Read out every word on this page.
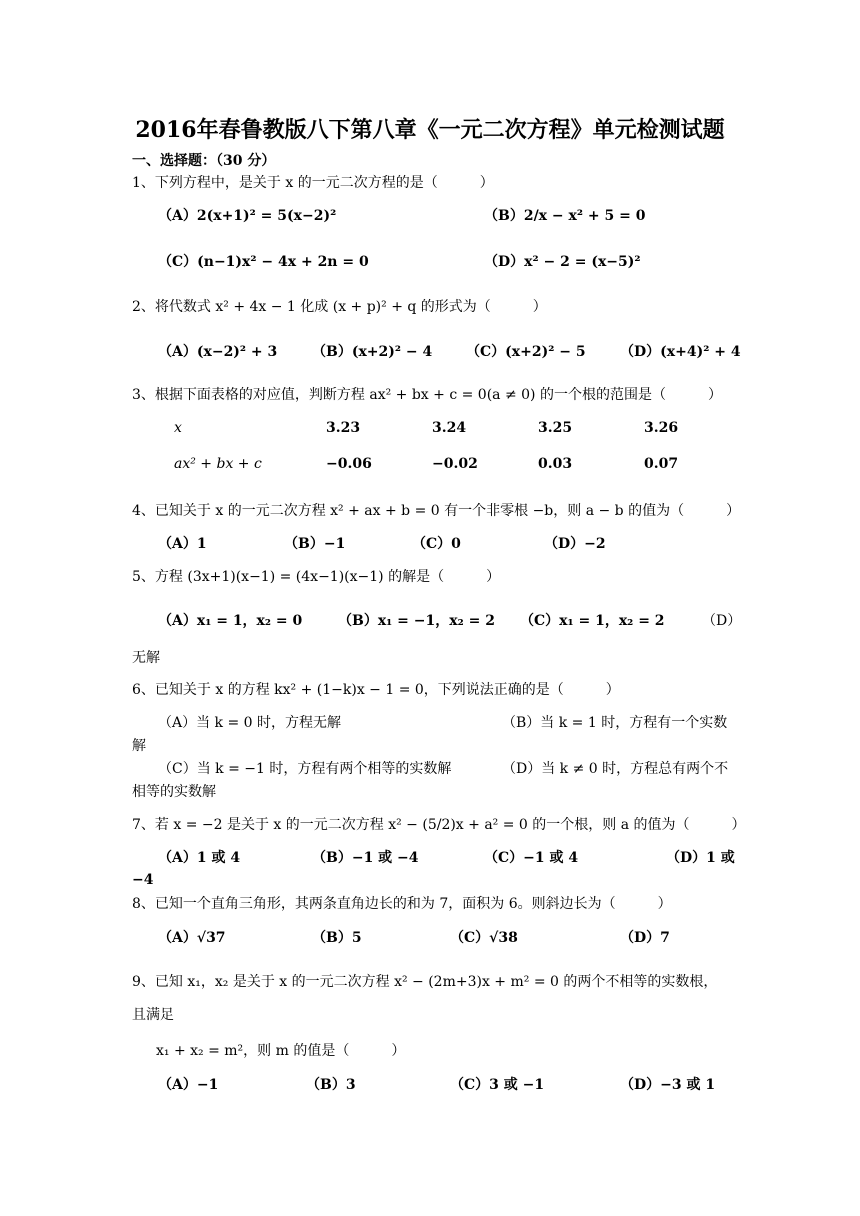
2016年春鲁教版八下第八章《一元二次方程》单元检测试题
一、选择题：（30 分）
1、下列方程中，是关于 x 的一元二次方程的是（　　　）
（A）2(x+1)² = 5(x−2)²	（B）2/x − x² + 5 = 0
（C）(n−1)x² − 4x + 2n = 0	（D）x² − 2 = (x−5)²
2、将代数式 x² + 4x − 1 化成 (x + p)² + q 的形式为（　　　）
（A）(x−2)² + 3 （B）(x+2)² − 4 （C）(x+2)² − 5 （D）(x+4)² + 4
3、根据下面表格的对应值，判断方程 ax² + bx + c = 0(a ≠ 0) 的一个根的范围是（　　　）
x	3.23	3.24	3.25	3.26
ax² + bx + c	−0.06	−0.02	0.03	0.07
4、已知关于 x 的一元二次方程 x² + ax + b = 0 有一个非零根 −b，则 a − b 的值为（　　　）
（A）1	（B）−1	（C）0	（D）−2
5、方程 (3x+1)(x−1) = (4x−1)(x−1) 的解是（　　　）
（A）x₁ = 1，x₂ = 0	（B）x₁ = −1，x₂ = 2 （C）x₁ = 1，x₂ = 2	（D）
无解
6、已知关于 x 的方程 kx² + (1−k)x − 1 = 0，下列说法正确的是（　　　）
（A）当 k = 0 时，方程无解	（B）当 k = 1 时，方程有一个实数
解
（C）当 k = −1 时，方程有两个相等的实数解	（D）当 k ≠ 0 时，方程总有两个不
相等的实数解
7、若 x = −2 是关于 x 的一元二次方程 x² − (5/2)x + a² = 0 的一个根，则 a 的值为（　　　）
（A）1 或 4	（B）−1 或 −4	（C）−1 或 4	（D）1 或
−4
8、已知一个直角三角形，其两条直角边长的和为 7，面积为 6。则斜边长为（　　　）
（A）√37	（B）5	（C）√38	（D）7
9、已知 x₁，x₂ 是关于 x 的一元二次方程 x² − (2m+3)x + m² = 0 的两个不相等的实数根，
且满足
x₁ + x₂ = m²，则 m 的值是（　　　）
（A）−1	（B）3	（C）3 或 −1	（D）−3 或 1
